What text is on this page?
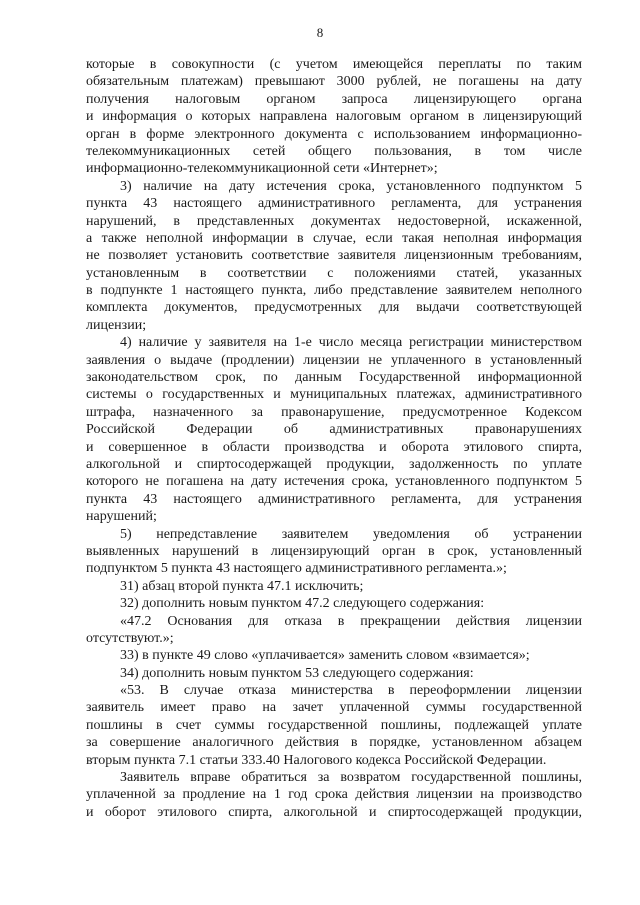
8
которые в совокупности (с учетом имеющейся переплаты по таким
обязательным платежам) превышают 3000 рублей, не погашены на дату
получения налоговым органом запроса лицензирующего органа
и информация о которых направлена налоговым органом в лицензирующий
орган в форме электронного документа с использованием информационно-
телекоммуникационных сетей общего пользования, в том числе
информационно-телекоммуникационной сети «Интернет»;
3) наличие на дату истечения срока, установленного подпунктом 5
пункта 43 настоящего административного регламента, для устранения
нарушений, в представленных документах недостоверной, искаженной,
а также неполной информации в случае, если такая неполная информация
не позволяет установить соответствие заявителя лицензионным требованиям,
установленным в соответствии с положениями статей, указанных
в подпункте 1 настоящего пункта, либо представление заявителем неполного
комплекта документов, предусмотренных для выдачи соответствующей
лицензии;
4) наличие у заявителя на 1-е число месяца регистрации министерством
заявления о выдаче (продлении) лицензии не уплаченного в установленный
законодательством срок, по данным Государственной информационной
системы о государственных и муниципальных платежах, административного
штрафа, назначенного за правонарушение, предусмотренное Кодексом
Российской Федерации об административных правонарушениях
и совершенное в области производства и оборота этилового спирта,
алкогольной и спиртосодержащей продукции, задолженность по уплате
которого не погашена на дату истечения срока, установленного подпунктом 5
пункта 43 настоящего административного регламента, для устранения
нарушений;
5) непредставление заявителем уведомления об устранении
выявленных нарушений в лицензирующий орган в срок, установленный
подпунктом 5 пункта 43 настоящего административного регламента.»;
31) абзац второй пункта 47.1 исключить;
32) дополнить новым пунктом 47.2 следующего содержания:
«47.2 Основания для отказа в прекращении действия лицензии
отсутствуют.»;
33) в пункте 49 слово «уплачивается» заменить словом «взимается»;
34) дополнить новым пунктом 53 следующего содержания:
«53. В случае отказа министерства в переоформлении лицензии
заявитель имеет право на зачет уплаченной суммы государственной
пошлины в счет суммы государственной пошлины, подлежащей уплате
за совершение аналогичного действия в порядке, установленном абзацем
вторым пункта 7.1 статьи 333.40 Налогового кодекса Российской Федерации.
Заявитель вправе обратиться за возвратом государственной пошлины,
уплаченной за продление на 1 год срока действия лицензии на производство
и оборот этилового спирта, алкогольной и спиртосодержащей продукции,
